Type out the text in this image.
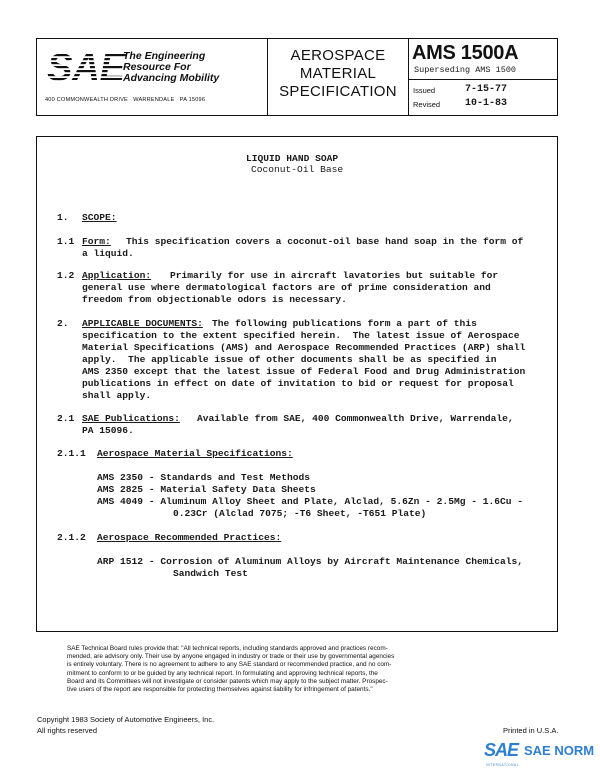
SAE
The Engineering
Resource For
Advancing Mobility
400 COMMONWEALTH DRIVE   WARRENDALE   PA 15096
AEROSPACE
MATERIAL
SPECIFICATION
AMS 1500A
Superseding AMS 1500
Issued	7-15-77
Revised 10-1-83
LIQUID HAND SOAP
Coconut-Oil Base
1. SCOPE:
1.1 Form: This specification covers a coconut-oil base hand soap in the form of
a liquid.
1.2 Application: Primarily for use in aircraft lavatories but suitable for
general use where dermatological factors are of prime consideration and
freedom from objectionable odors is necessary.
2. APPLICABLE DOCUMENTS: The following publications form a part of this
specification to the extent specified herein.  The latest issue of Aerospace
Material Specifications (AMS) and Aerospace Recommended Practices (ARP) shall
apply.  The applicable issue of other documents shall be as specified in
AMS 2350 except that the latest issue of Federal Food and Drug Administration
publications in effect on date of invitation to bid or request for proposal
shall apply.
2.1 SAE Publications: Available from SAE, 400 Commonwealth Drive, Warrendale,
PA 15096.
2.1.1 Aerospace Material Specifications:
AMS 2350 - Standards and Test Methods
AMS 2825 - Material Safety Data Sheets
AMS 4049 - Aluminum Alloy Sheet and Plate, Alclad, 5.6Zn - 2.5Mg - 1.6Cu -
0.23Cr (Alclad 7075; -T6 Sheet, -T651 Plate)
2.1.2 Aerospace Recommended Practices:
ARP 1512 - Corrosion of Aluminum Alloys by Aircraft Maintenance Chemicals,
Sandwich Test
SAE Technical Board rules provide that: "All technical reports, including standards approved and practices recom-
mended, are advisory only. Their use by anyone engaged in industry or trade or their use by governmental agencies
is entirely voluntary. There is no agreement to adhere to any SAE standard or recommended practice, and no com-
mitment to conform to or be guided by any technical report. In formulating and approving technical reports, the
Board and its Committees will not investigate or consider patents which may apply to the subject matter. Prospec-
tive users of the report are responsible for protecting themselves against liability for infringement of patents."
Copyright 1983 Society of Automotive Engineers, Inc.
All rights reserved	Printed in U.S.A.
SAE SAE NORM
INTERNATIONAL
